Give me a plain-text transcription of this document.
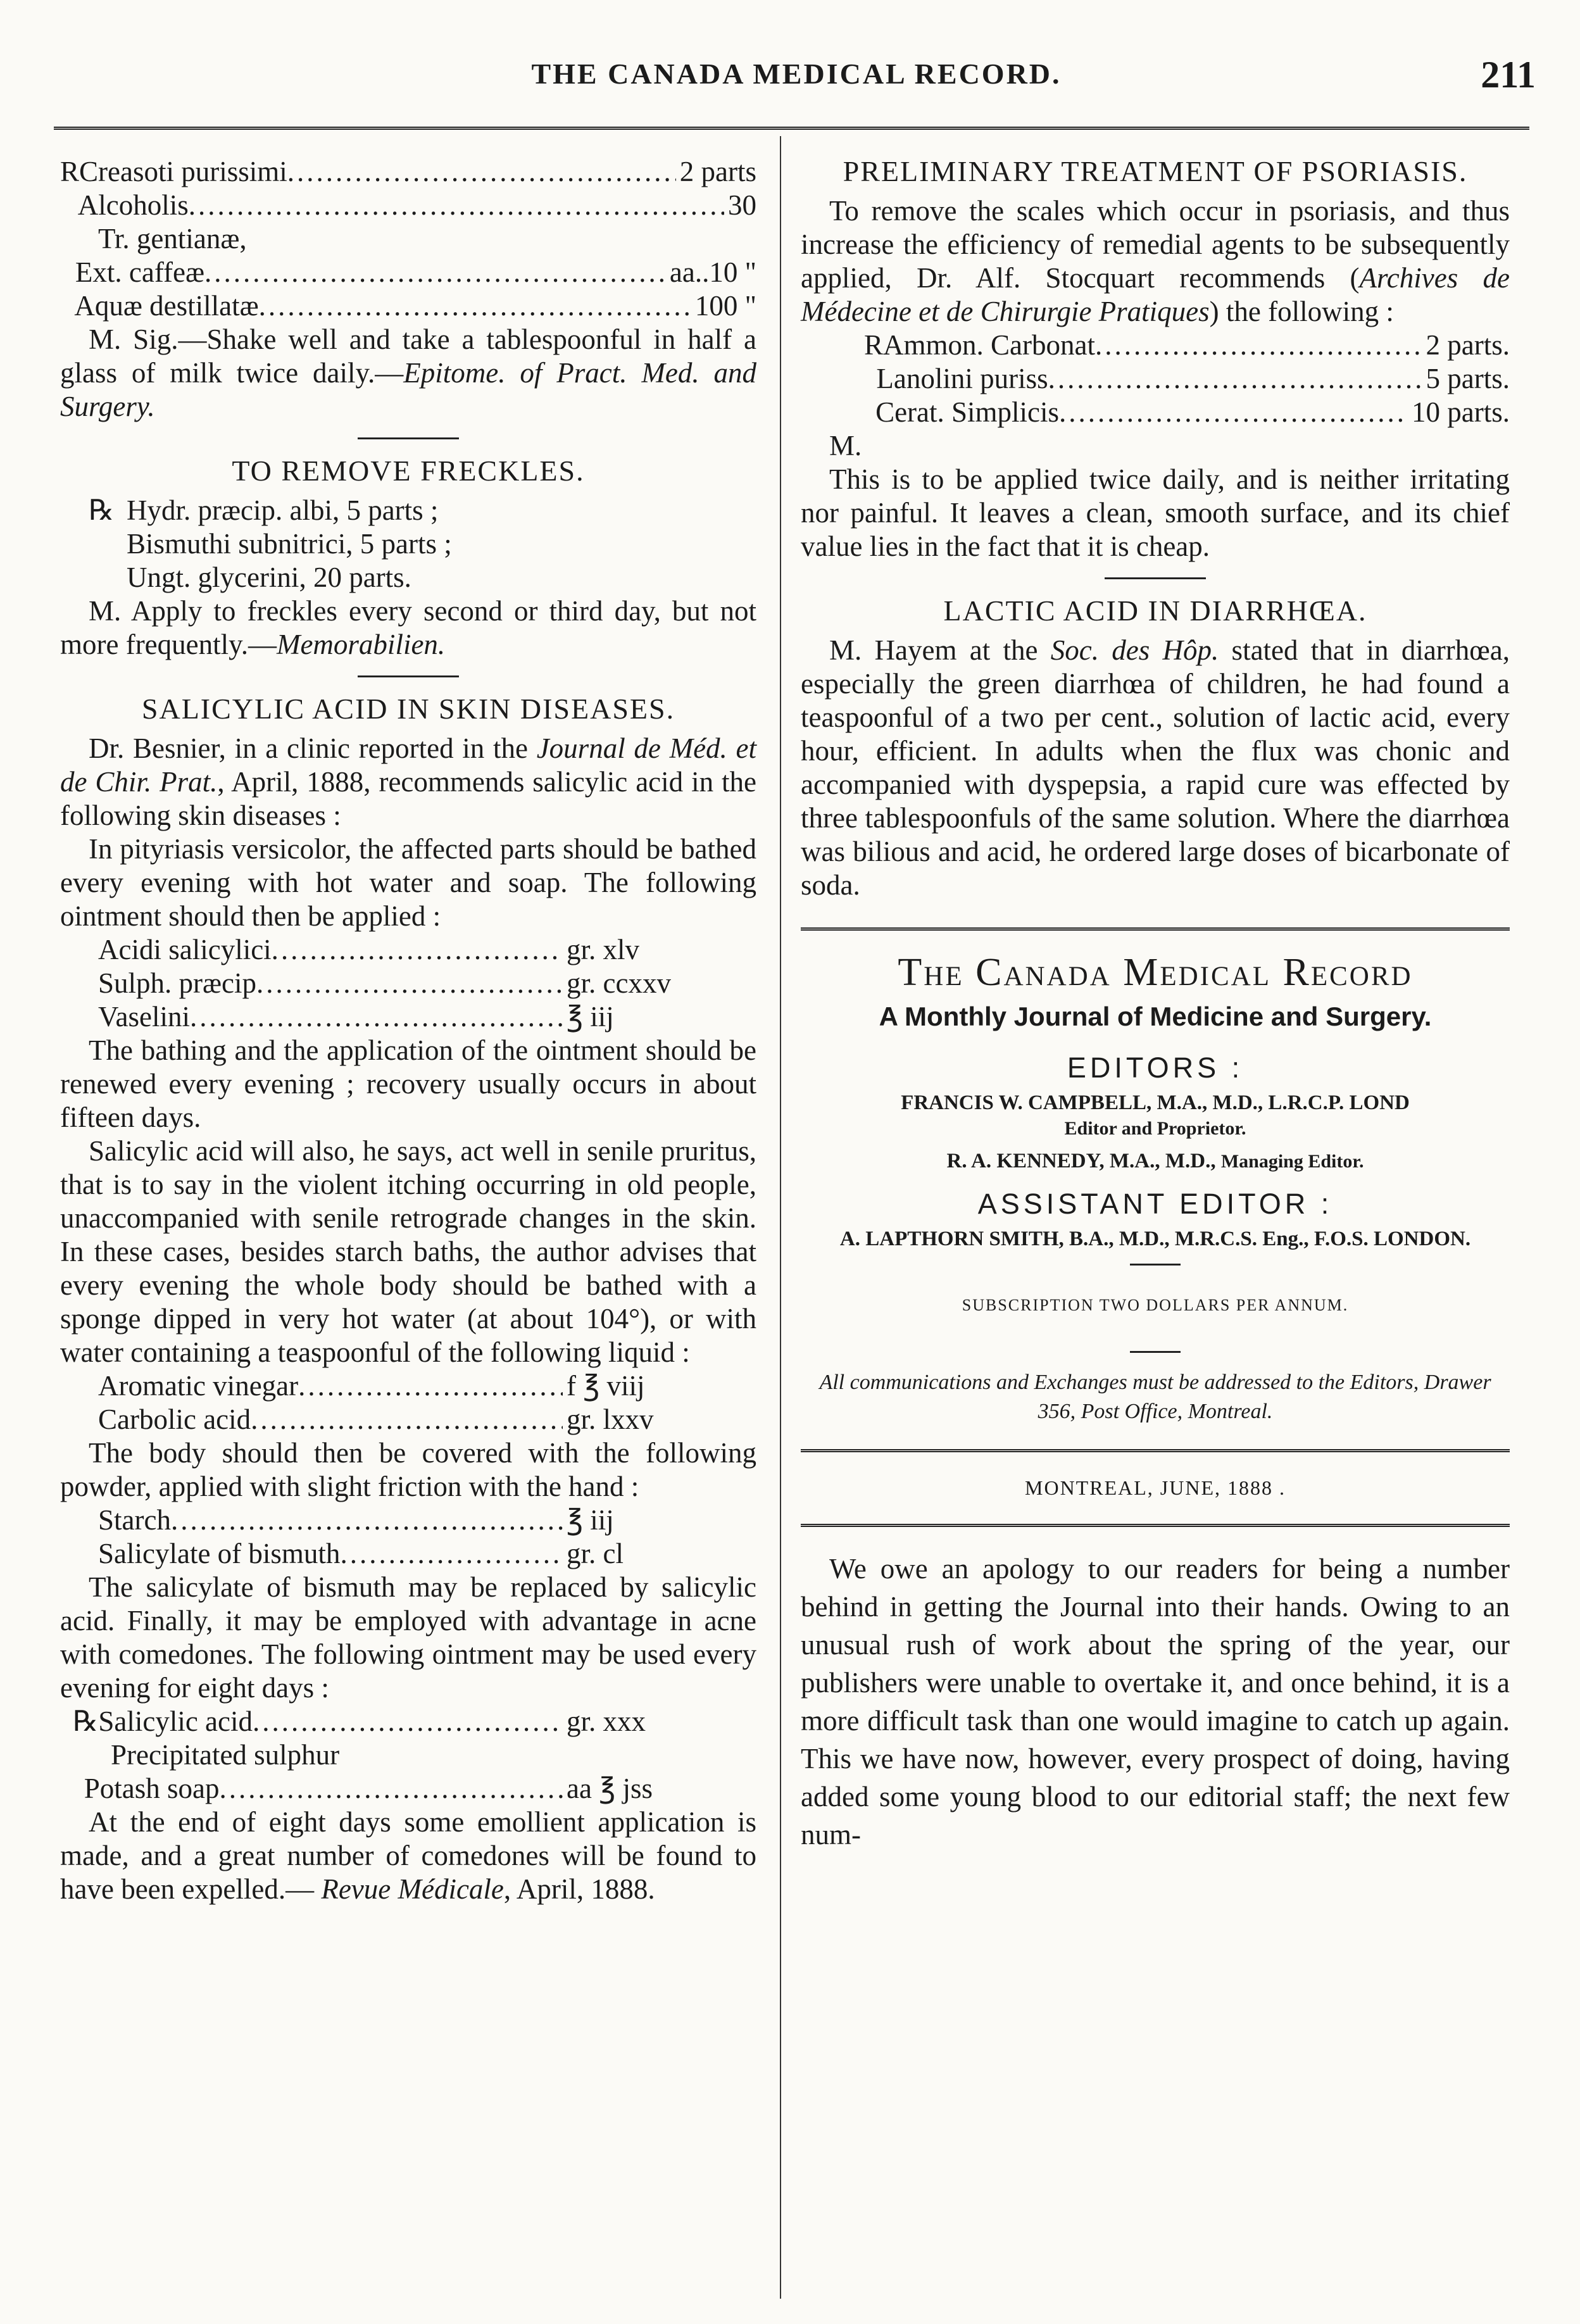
THE CANADA MEDICAL RECORD.	211
R Creasoti purissimi .....	2 parts
Alcoholis .....	30
Tr. gentianæ,
Ext. caffeæ .....	aa..10 "
Aquæ destillatæ .....	100 "

M. Sig.—Shake well and take a tablespoonful in half a glass of milk twice daily.—Epitome. of Pract. Med. and Surgery.

TO REMOVE FRECKLES.
℞ Hydr. præcip. albi, 5 parts ;
Bismuthi subnitrici, 5 parts ;
Ungt. glycerini, 20 parts.

M. Apply to freckles every second or third day, but not more frequently.—Memorabilien.

SALICYLIC ACID IN SKIN DISEASES.

Dr. Besnier, in a clinic reported in the Journal de Méd. et de Chir. Prat., April, 1888, recommends salicylic acid in the following skin diseases :

In pityriasis versicolor, the affected parts should be bathed every evening with hot water and soap. The following ointment should then be applied :

Acidi salicylici .....	gr. xlv
Sulph. præcip .....	gr. ccxxv
Vaselini .....	℥ iij

The bathing and the application of the ointment should be renewed every evening ; recovery usually occurs in about fifteen days.

Salicylic acid will also, he says, act well in senile pruritus, that is to say in the violent itching occurring in old people, unaccompanied with senile retrograde changes in the skin. In these cases, besides starch baths, the author advises that every evening the whole body should be bathed with a sponge dipped in very hot water (at about 104°), or with water containing a teaspoonful of the following liquid :

Aromatic vinegar .....	f ℥ viij
Carbolic acid .....	gr. lxxv

The body should then be covered with the following powder, applied with slight friction with the hand :

Starch .....	℥ iij
Salicylate of bismuth .....	gr. cl

The salicylate of bismuth may be replaced by salicylic acid. Finally, it may be employed with advantage in acne with comedones. The following ointment may be used every evening for eight days :

℞ Salicylic acid .....	gr. xxx
Precipitated sulphur
Potash soap .....	aa ℥ jss

At the end of eight days some emollient application is made, and a great number of comedones will be found to have been expelled.— Revue Médicale, April, 1888.

PRELIMINARY TREATMENT OF PSORIASIS.

To remove the scales which occur in psoriasis, and thus increase the efficiency of remedial agents to be subsequently applied, Dr. Alf. Stocquart recommends (Archives de Médecine et de Chirurgie Pratiques) the following :

R Ammon. Carbonat .....	2 parts.
Lanolini puriss .....	5 parts.
Cerat. Simplicis .....	10 parts.
M.

This is to be applied twice daily, and is neither irritating nor painful. It leaves a clean, smooth surface, and its chief value lies in the fact that it is cheap.

LACTIC ACID IN DIARRHŒA.

M. Hayem at the Soc. des Hôp. stated that in diarrhœa, especially the green diarrhœa of children, he had found a teaspoonful of a two per cent., solution of lactic acid, every hour, efficient. In adults when the flux was chonic and accompanied with dyspepsia, a rapid cure was effected by three tablespoonfuls of the same solution. Where the diarrhœa was bilious and acid, he ordered large doses of bicarbonate of soda.

The Canada Medical Record
A Monthly Journal of Medicine and Surgery.
EDITORS :
FRANCIS W. CAMPBELL, M.A., M.D., L.R.C.P. LOND
Editor and Proprietor.
R. A. KENNEDY, M.A., M.D., Managing Editor.
ASSISTANT EDITOR :
A. LAPTHORN SMITH, B.A., M.D., M.R.C.S. Eng., F.O.S. LONDON.
SUBSCRIPTION TWO DOLLARS PER ANNUM.
All communications and Exchanges must be addressed to the Editors, Drawer 356, Post Office, Montreal.
MONTREAL, JUNE, 1888 .

We owe an apology to our readers for being a number behind in getting the Journal into their hands. Owing to an unusual rush of work about the spring of the year, our publishers were unable to overtake it, and once behind, it is a more difficult task than one would imagine to catch up again. This we have now, however, every prospect of doing, having added some young blood to our editorial staff; the next few num-
